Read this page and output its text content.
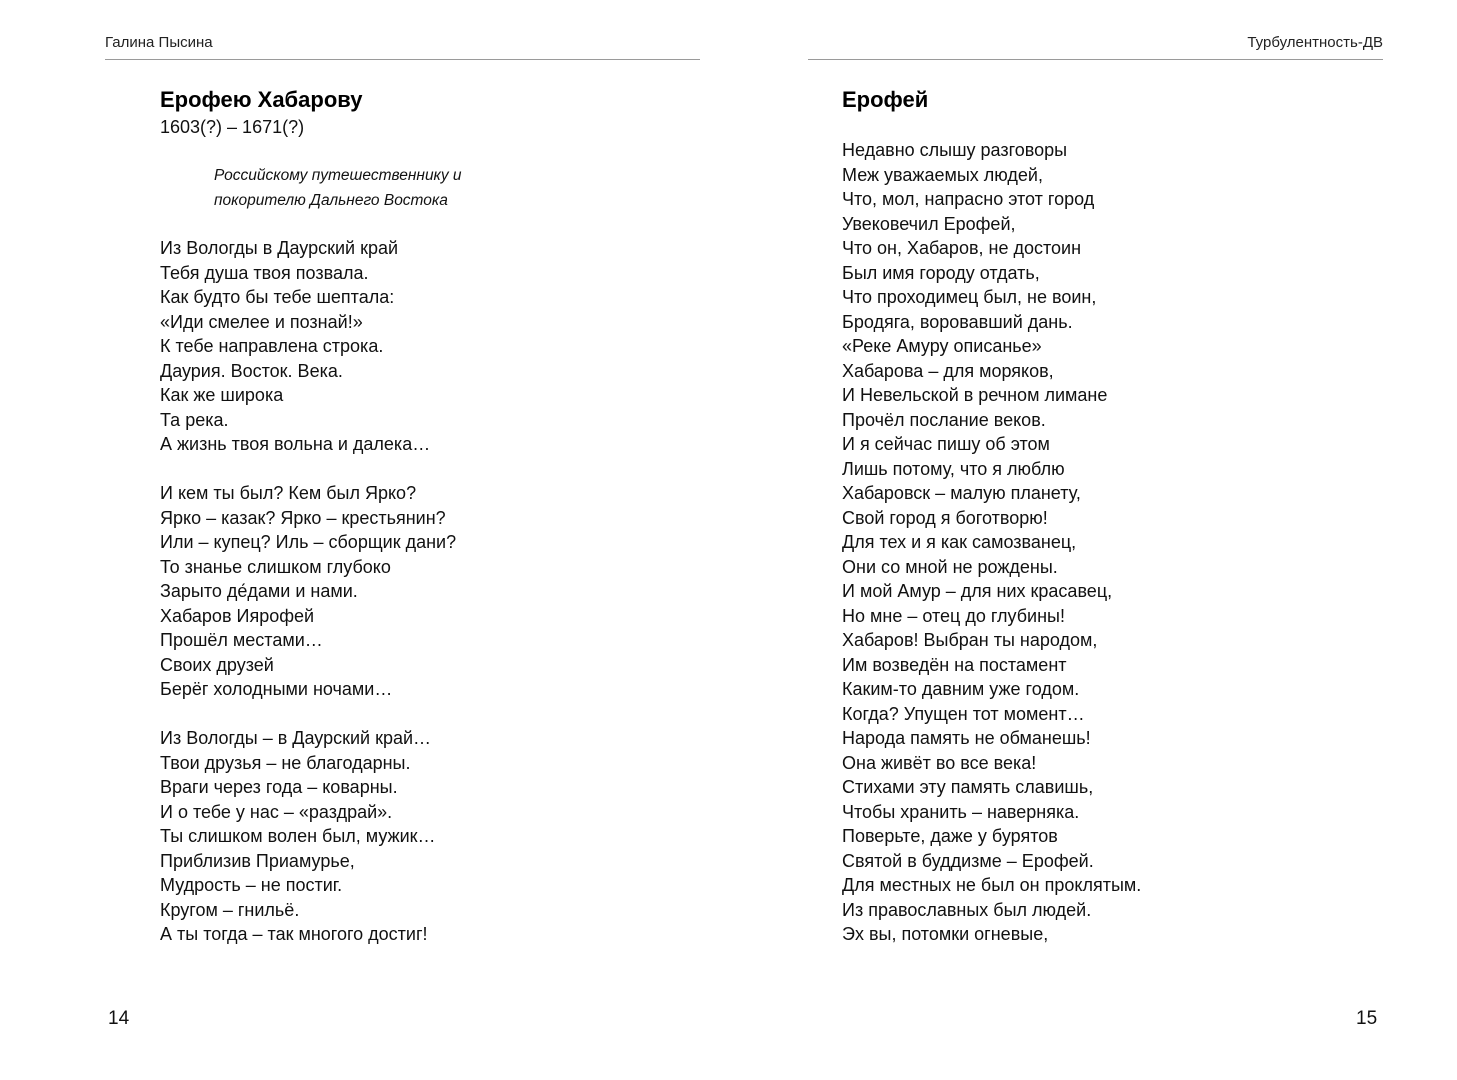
Галина Пысина
Ерофею Хабарову
1603(?) – 1671(?)
Российскому путешественнику и
покорителю Дальнего Востока
Из Вологды в Даурский край
Тебя душа твоя позвала.
Как будто бы тебе шептала:
«Иди смелее и познай!»
К тебе направлена строка.
Даурия. Восток. Века.
Как же широка
Та река.
А жизнь твоя вольна и далека…
И кем ты был? Кем был Ярко?
Ярко – казак? Ярко – крестьянин?
Или – купец? Иль – сборщик дани?
То знанье слишком глубоко
Зарыто де́дами и нами.
Хабаров Иярофей
Прошёл местами…
Своих друзей
Берёг холодными ночами…
Из Вологды – в Даурский край…
Твои друзья – не благодарны.
Враги через года – коварны.
И о тебе у нас – «раздрай».
Ты слишком волен был, мужик…
Приблизив Приамурье,
Мудрость – не постиг.
Кругом – гнильё.
А ты тогда – так многого достиг!
14
Турбулентность-ДВ
Ерофей
Недавно слышу разговоры
Меж уважаемых людей,
Что, мол, напрасно этот город
Увековечил Ерофей,
Что он, Хабаров, не достоин
Был имя городу отдать,
Что проходимец был, не воин,
Бродяга, воровавший дань.
«Реке Амуру описанье»
Хабарова – для моряков,
И Невельской в речном лимане
Прочёл послание веков.
И я сейчас пишу об этом
Лишь потому, что я люблю
Хабаровск – малую планету,
Свой город я боготворю!
Для тех и я как самозванец,
Они со мной не рождены.
И мой Амур – для них красавец,
Но мне – отец до глубины!
Хабаров! Выбран ты народом,
Им возведён на постамент
Каким-то давним уже годом.
Когда? Упущен тот момент…
Народа память не обманешь!
Она живёт во все века!
Стихами эту память славишь,
Чтобы хранить – наверняка.
Поверьте, даже у бурятов
Святой в буддизме – Ерофей.
Для местных не был он проклятым.
Из православных был людей.
Эх вы, потомки огневые,
15
